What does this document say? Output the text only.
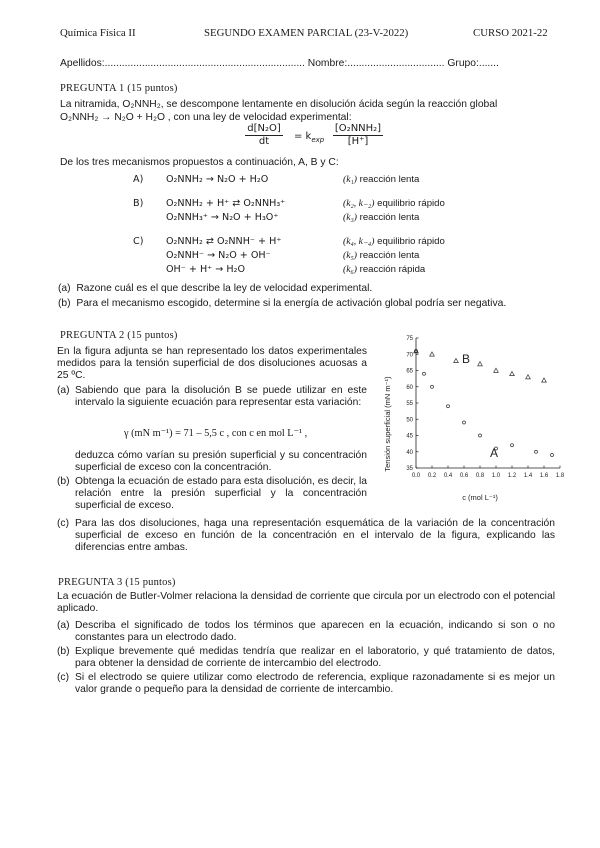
Química Física II	SEGUNDO EXAMEN PARCIAL (23-V-2022)	CURSO 2021-22
Apellidos:...................................................................... Nombre:.................................. Grupo:.......
PREGUNTA 1 (15 puntos)
La nitramida, O₂NNH₂, se descompone lentamente en disolución ácida según la reacción global
O₂NNH₂ → N₂O + H₂O , con una ley de velocidad experimental:
$\frac{\text{d[N₂O]}}{dt} = k_{exp}$
[O₂NNH₂]
[H⁺]
De los tres mecanismos propuestos a continuación, A, B y C:
A) O₂NNH₂ → N₂O + H₂O	(k₁) reacción lenta
B) O₂NNH₂ + H⁺ ⇄ O₂NNH₃⁺	(k₂, k₋₂) equilibrio rápido
O₂NNH₃⁺ → N₂O + H₃O⁺	(k₃) reacción lenta
C) O₂NNH₂ ⇄ O₂NNH⁻ + H⁺	(k₄, k₋₄) equilibrio rápido
O₂NNH⁻ → N₂O + OH⁻	(k₅) reacción lenta
OH⁻ + H⁺ → H₂O	(k₆) reacción rápida
(a) Razone cuál es el que describe la ley de velocidad experimental.
(b) Para el mecanismo escogido, determine si la energía de activación global podría ser negativa.
PREGUNTA 2 (15 puntos)
En la figura adjunta se han representado los datos experimentales medidos para la tensión superficial de dos disoluciones acuosas a 25 ºC.
(a) Sabiendo que para la disolución B se puede utilizar en este intervalo la siguiente ecuación para representar esta variación:
γ (mN m⁻¹) = 71 – 5,5 c , con c en mol L⁻¹ ,
deduzca cómo varían su presión superficial y su concentración superficial de exceso con la concentración.
(b) Obtenga la ecuación de estado para esta disolución, es decir, la relación entre la presión superficial y la concentración superficial de exceso.
(c) Para las dos disoluciones, haga una representación esquemática de la variación de la concentración superficial de exceso en función de la concentración en el intervalo de la figura, explicando las diferencias entre ambas.
0.0 0.2 0.4 0.6 0.8 1.0 1.2 1.4 1.6 1.8
35
40
45
50
55
60
65
70
75
A
B
c (mol L⁻¹)
Tensión superficial (mN m⁻¹)
PREGUNTA 3 (15 puntos)
La ecuación de Butler-Volmer relaciona la densidad de corriente que circula por un electrodo con el potencial aplicado.
(a) Describa el significado de todos los términos que aparecen en la ecuación, indicando si son o no constantes para un electrodo dado.
(b) Explique brevemente qué medidas tendría que realizar en el laboratorio, y qué tratamiento de datos, para obtener la densidad de corriente de intercambio del electrodo.
(c) Si el electrodo se quiere utilizar como electrodo de referencia, explique razonadamente si es mejor un valor grande o pequeño para la densidad de corriente de intercambio.
